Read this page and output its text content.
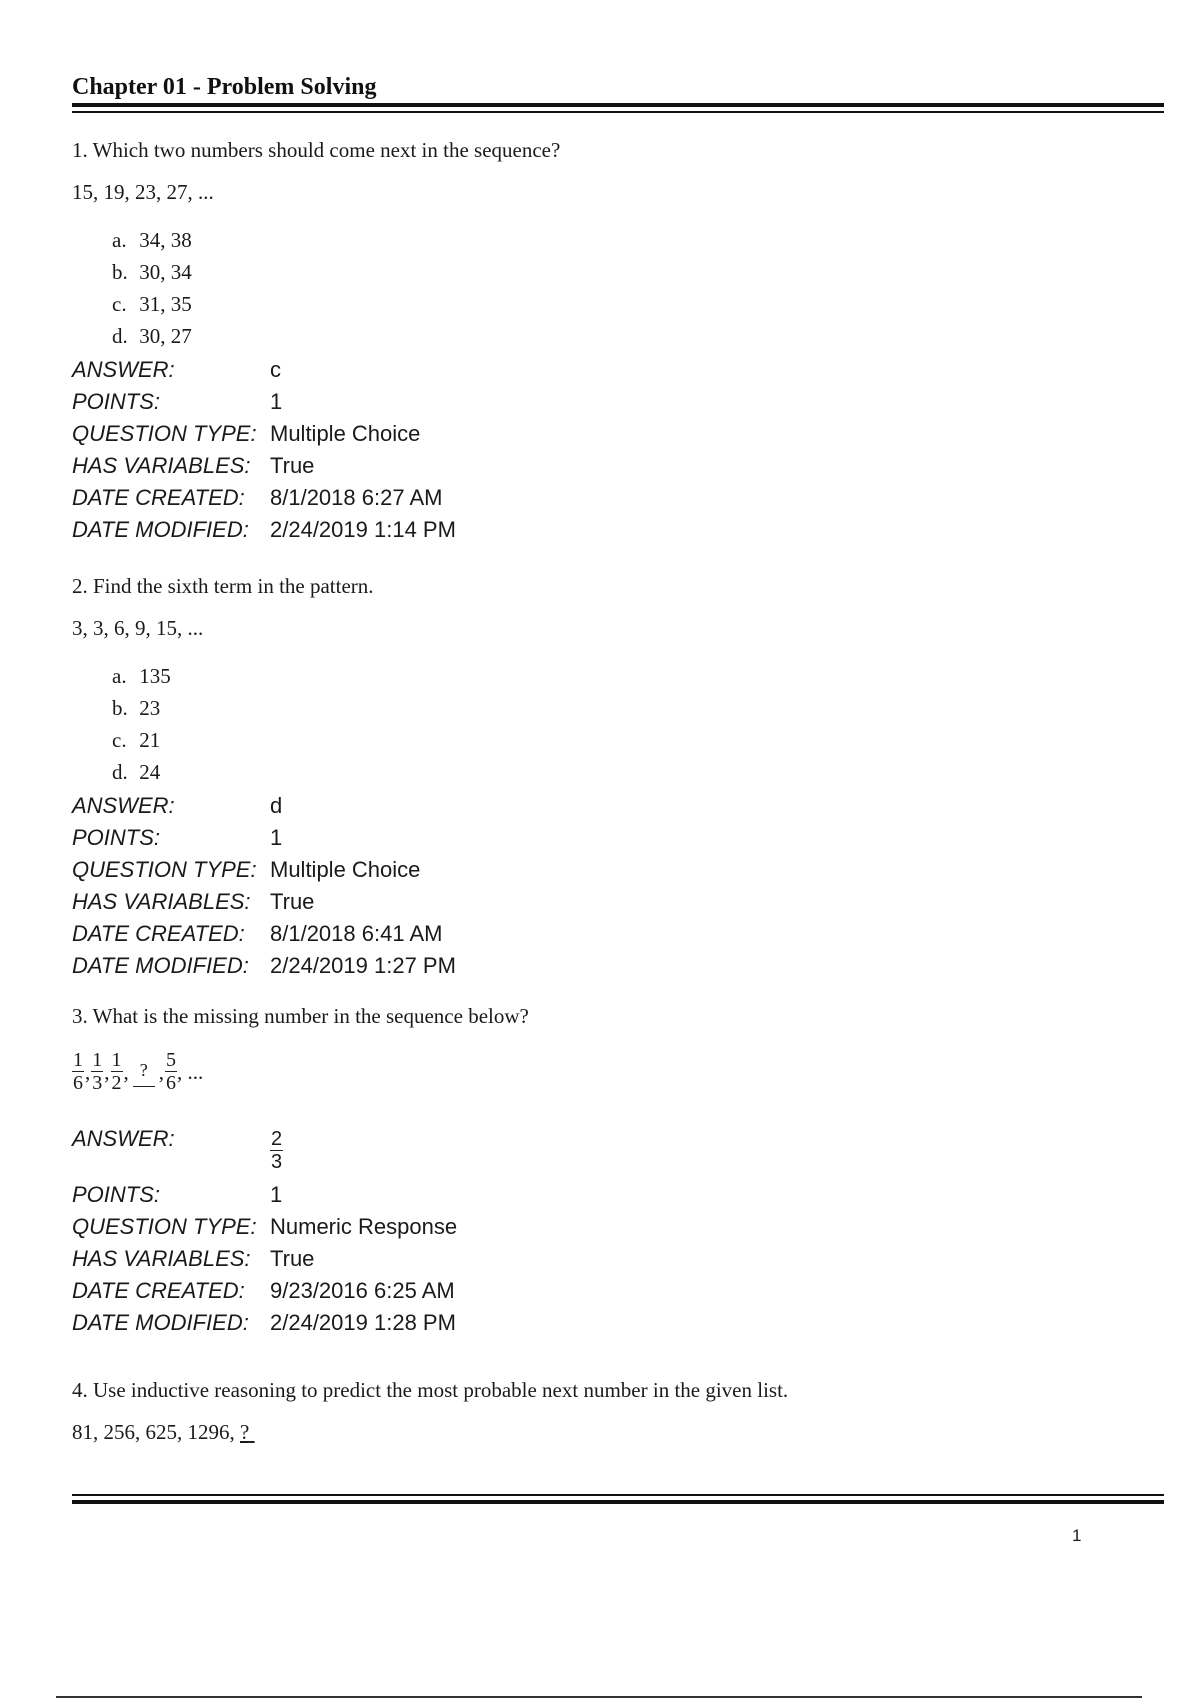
Chapter 01 - Problem Solving
1. Which two numbers should come next in the sequence?
15, 19, 23, 27, ...
a.
34, 38
b.
30, 34
c.
31, 35
d.
30, 27
ANSWER:	c
POINTS:	1
QUESTION TYPE: Multiple Choice
HAS VARIABLES: True
DATE CREATED:	8/1/2018 6:27 AM
DATE MODIFIED: 2/24/2019 1:14 PM
2. Find the sixth term in the pattern.
3, 3, 6, 9, 15, ...
a.
135
b.
23
c.
21
d.
24
ANSWER:	d
POINTS:	1
QUESTION TYPE: Multiple Choice
HAS VARIABLES: True
DATE CREATED:	8/1/2018 6:41 AM
DATE MODIFIED: 2/24/2019 1:27 PM
3. What is the missing number in the sequence below?
$\frac{1}{6}$ , $\frac{1}{3}$ , $\frac{1}{2}$ , ? , $\frac{5}{6}$ , ...
ANSWER:	$\frac{2}{3}$
POINTS:	1
QUESTION TYPE: Numeric Response
HAS VARIABLES: True
DATE CREATED:	9/23/2016 6:25 AM
DATE MODIFIED: 2/24/2019 1:28 PM
4. Use inductive reasoning to predict the most probable next number in the given list.
81, 256, 625, 1296, ?
1
